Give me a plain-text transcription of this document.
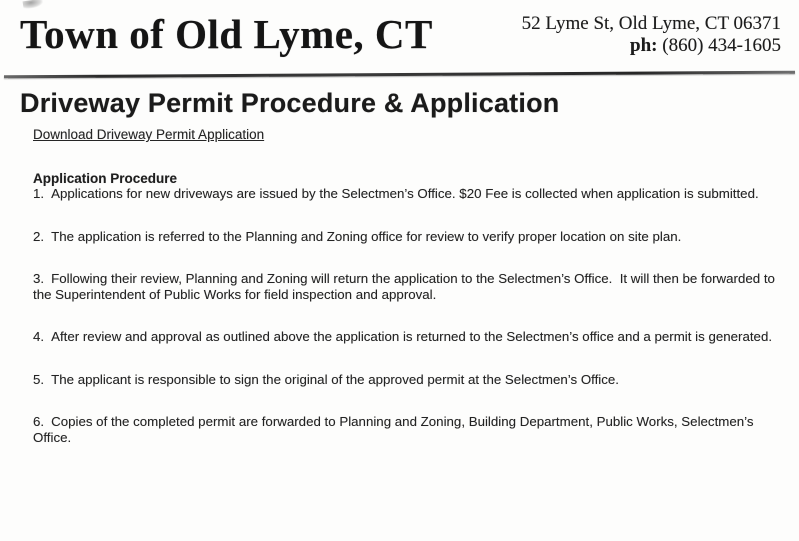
Town of Old Lyme, CT	52 Lyme St, Old Lyme, CT 06371
ph: (860) 434-1605
Driveway Permit Procedure & Application
Download Driveway Permit Application
Application Procedure

1. Applications for new driveways are issued by the Selectmen’s Office. $20 Fee is collected when application is submitted.

2. The application is referred to the Planning and Zoning office for review to verify proper location on site plan.

3. Following their review, Planning and Zoning will return the application to the Selectmen’s Office.  It will then be forwarded to the Superintendent of Public Works for field inspection and approval.

4. After review and approval as outlined above the application is returned to the Selectmen’s office and a permit is generated.

5. The applicant is responsible to sign the original of the approved permit at the Selectmen’s Office.

6. Copies of the completed permit are forwarded to Planning and Zoning, Building Department, Public Works, Selectmen’s Office.
